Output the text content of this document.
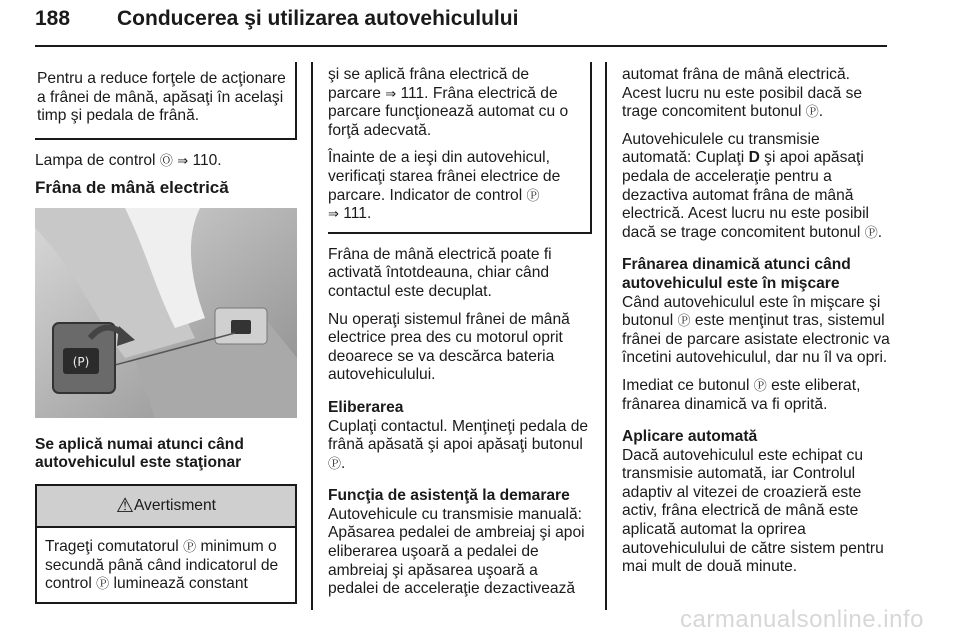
188 Conducerea şi utilizarea autovehiculului
Pentru a reduce forţele de acţionare a frânei de mână, apăsaţi în acelaşi timp şi pedala de frână.

Lampa de control Ⓞ ⇒ 110.

Frâna de mână electrică
(P)
Se aplică numai atunci când autovehiculul este staţionar
⚠Avertisment
Trageţi comutatorul Ⓟ minimum o secundă până când indicatorul de control Ⓟ luminează constant

şi se aplică frâna electrică de parcare ⇒ 111. Frâna electrică de parcare funcţionează automat cu o forţă adecvată.

Înainte de a ieşi din autovehicul, verificaţi starea frânei electrice de parcare. Indicator de control Ⓟ
⇒ 111.

Frâna de mână electrică poate fi activată întotdeauna, chiar când contactul este decuplat.

Nu operaţi sistemul frânei de mână electrice prea des cu motorul oprit deoarece se va descărca bateria autovehiculului.

Eliberarea

Cuplaţi contactul. Menţineţi pedala de frână apăsată şi apoi apăsaţi butonul Ⓟ.

Funcţia de asistenţă la demarare

Autovehicule cu transmisie manuală: Apăsarea pedalei de ambreiaj şi apoi eliberarea uşoară a pedalei de ambreiaj şi apăsarea uşoară a pedalei de acceleraţie dezactivează

automat frâna de mână electrică. Acest lucru nu este posibil dacă se trage concomitent butonul Ⓟ.

Autovehiculele cu transmisie automată: Cuplaţi D şi apoi apăsaţi pedala de acceleraţie pentru a dezactiva automat frâna de mână electrică. Acest lucru nu este posibil dacă se trage concomitent butonul Ⓟ.

Frânarea dinamică atunci când autovehiculul este în mişcare

Când autovehiculul este în mişcare şi butonul Ⓟ este menţinut tras, sistemul frânei de parcare asistate electronic va încetini autovehiculul, dar nu îl va opri.

Imediat ce butonul Ⓟ este eliberat, frânarea dinamică va fi oprită.

Aplicare automată

Dacă autovehiculul este echipat cu transmisie automată, iar Controlul adaptiv al vitezei de croazieră este activ, frâna electrică de mână este aplicată automat la oprirea autovehiculului de către sistem pentru mai mult de două minute.

carmanualsonline.info
